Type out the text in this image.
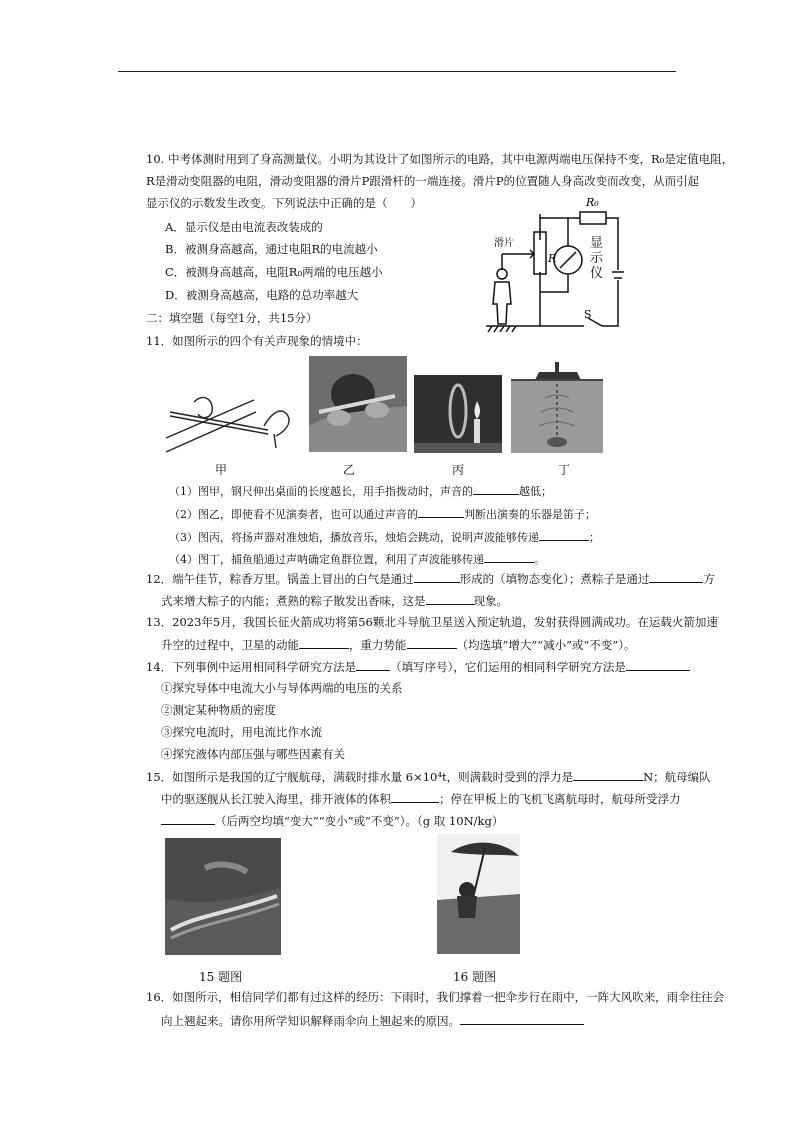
10. 中考体测时用到了身高测量仪。小明为其设计了如图所示的电路，其中电源两端电压保持不变，R₀是定值电阻，
R是滑动变阻器的电阻，滑动变阻器的滑片P跟滑杆的一端连接。滑片P的位置随人身高改变而改变，从而引起
显示仪的示数发生改变。下列说法中正确的是（　　）
A．显示仪是由电流表改装成的
B．被测身高越高，通过电阻R的电流越小
C．被测身高越高，电阻R₀两端的电压越小
D．被测身高越高，电路的总功率越大
R₀
滑片
R
S
显示仪
二：填空题（每空1分，共15分）
11．如图所示的四个有关声现象的情境中：
甲	乙	丙	丁
（1）图甲，钢尺伸出桌面的长度越长，用手指拨动时，声音的	越低；
（2）图乙，即使看不见演奏者，也可以通过声音的	判断出演奏的乐器是笛子；
（3）图丙，将扬声器对准烛焰，播放音乐，烛焰会跳动，说明声波能够传递	；
（4）图丁，捕鱼船通过声呐确定鱼群位置，利用了声波能够传递	。
12．端午佳节，粽香万里。锅盖上冒出的白气是通过	形成的（填物态变化）；煮粽子是通过	方
式来增大粽子的内能；煮熟的粽子散发出香味，这是	现象。
13．2023年5月，我国长征火箭成功将第56颗北斗导航卫星送入预定轨道，发射获得圆满成功。在运载火箭加速
升空的过程中，卫星的动能	，重力势能	（均选填“增大”“减小”或“不变”）。
14．下列事例中运用相同科学研究方法是	（填写序号），它们运用的相同科学研究方法是
①探究导体中电流大小与导体两端的电压的关系
②测定某种物质的密度
③探究电流时，用电流比作水流
④探究液体内部压强与哪些因素有关
15．如图所示是我国的辽宁舰航母，满载时排水量 6×10⁴t，则满载时受到的浮力是	N；航母编队
中的驱逐舰从长江驶入海里，排开液体的体积	；停在甲板上的飞机飞离航母时，航母所受浮力
（后两空均填“变大”“变小”或“不变”）。（g 取 10N/kg）
15 题图	16 题图
16．如图所示，相信同学们都有过这样的经历：下雨时，我们撑着一把伞步行在雨中，一阵大风吹来，雨伞往往会
向上翘起来。请你用所学知识解释雨伞向上翘起来的原因。
